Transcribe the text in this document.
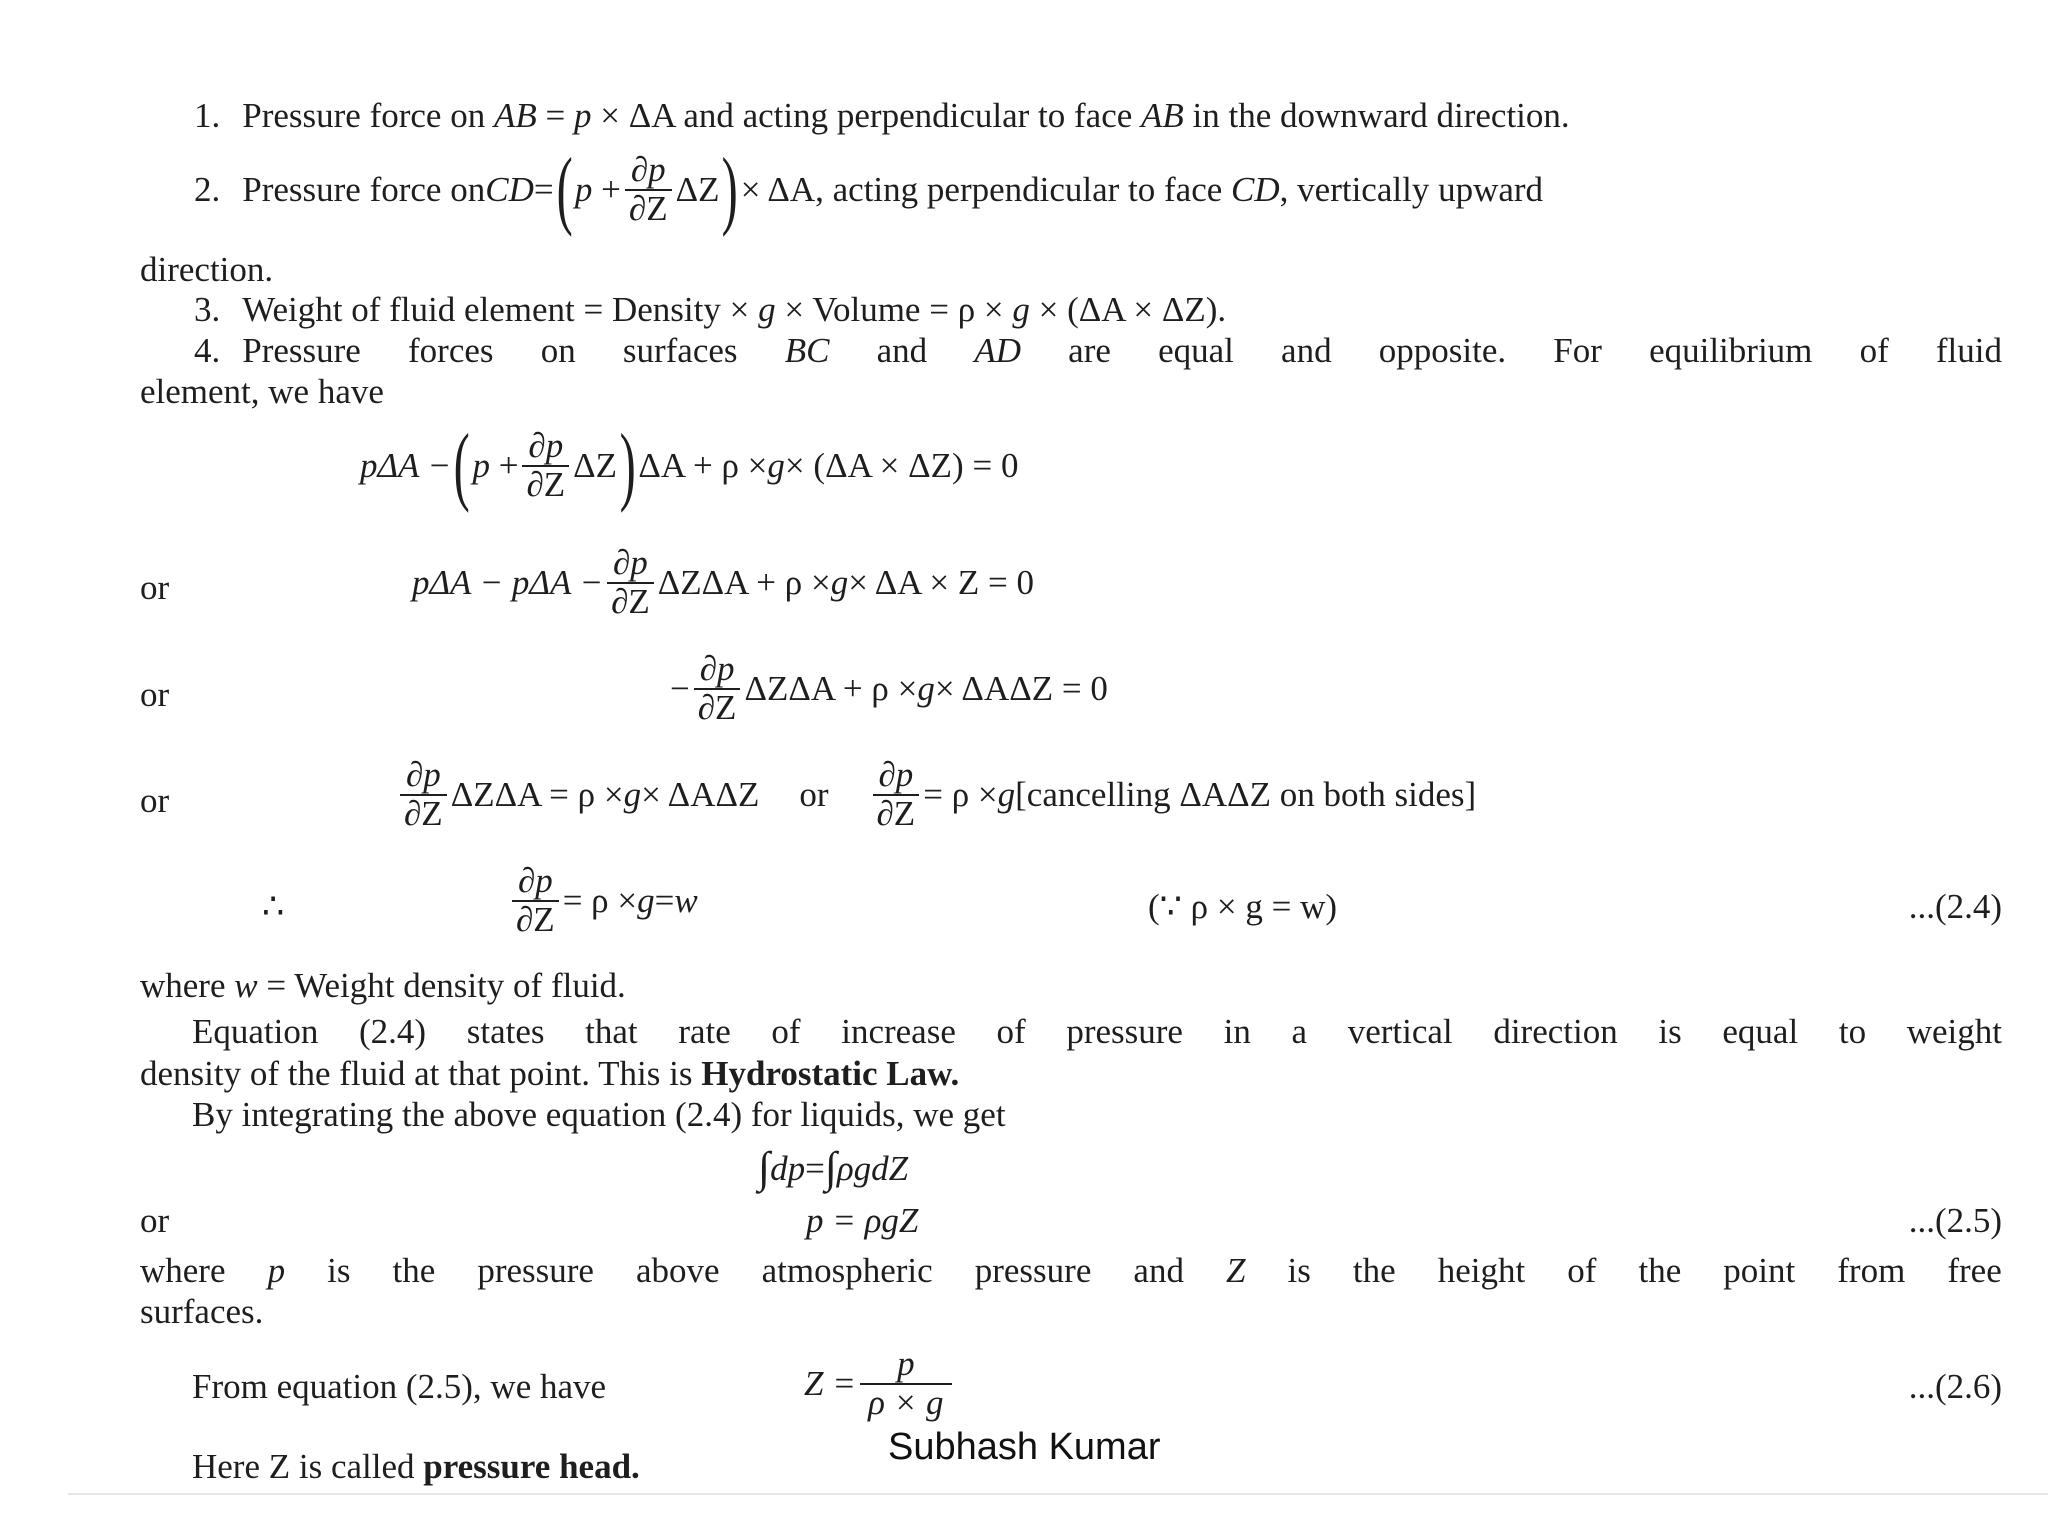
1. Pressure force on AB = p × ΔA and acting perpendicular to face AB in the downward direction.
2. Pressure force on CD = ( p
+ $\frac{\partial p}{\partial Z}$ ΔZ ) × ΔA, acting perpendicular to face CD, vertically upward
direction.
3. Weight of fluid element = Density × g × Volume = ρ × g × (ΔA × ΔZ).
4. Pressure forces on surfaces BC and AD are equal and opposite. For equilibrium of fluid
element, we have
pΔA − ( p
+ $\frac{\partial p}{\partial Z}$ ΔZ ) ΔA + ρ × g × (ΔA × ΔZ) = 0
or	$p\Delta A - p\Delta A - \frac{\partial p}{\partial Z}$ ΔZΔA + ρ × g × ΔA × Z = 0
or	− $\frac{\partial p}{\partial Z}$ ΔZΔA + ρ × g × ΔAΔZ = 0
or	$\frac{\partial p}{\partial Z}$ ΔZΔA = ρ × g × ΔAΔZ or $\frac{\partial p}{\partial Z} = \rho \times g$ [cancelling ΔAΔZ on both sides]
∴	$\frac{\partial p}{\partial Z} = \rho \times g = w$	(∵ ρ × g = w)	...(2.4)
where w = Weight density of fluid.
Equation (2.4) states that rate of increase of pressure in a vertical direction is equal to weight
density of the fluid at that point. This is Hydrostatic Law.
By integrating the above equation (2.4) for liquids, we get
∫ dp = ∫ ρgdZ
or	p = ρgZ	...(2.5)
where p is the pressure above atmospheric pressure and Z is the height of the point from free
surfaces.
From equation (2.5), we have	$Z = \frac{p}{\rho \times g}$	...(2.6)
Here Z is called pressure head.	Subhash Kumar
